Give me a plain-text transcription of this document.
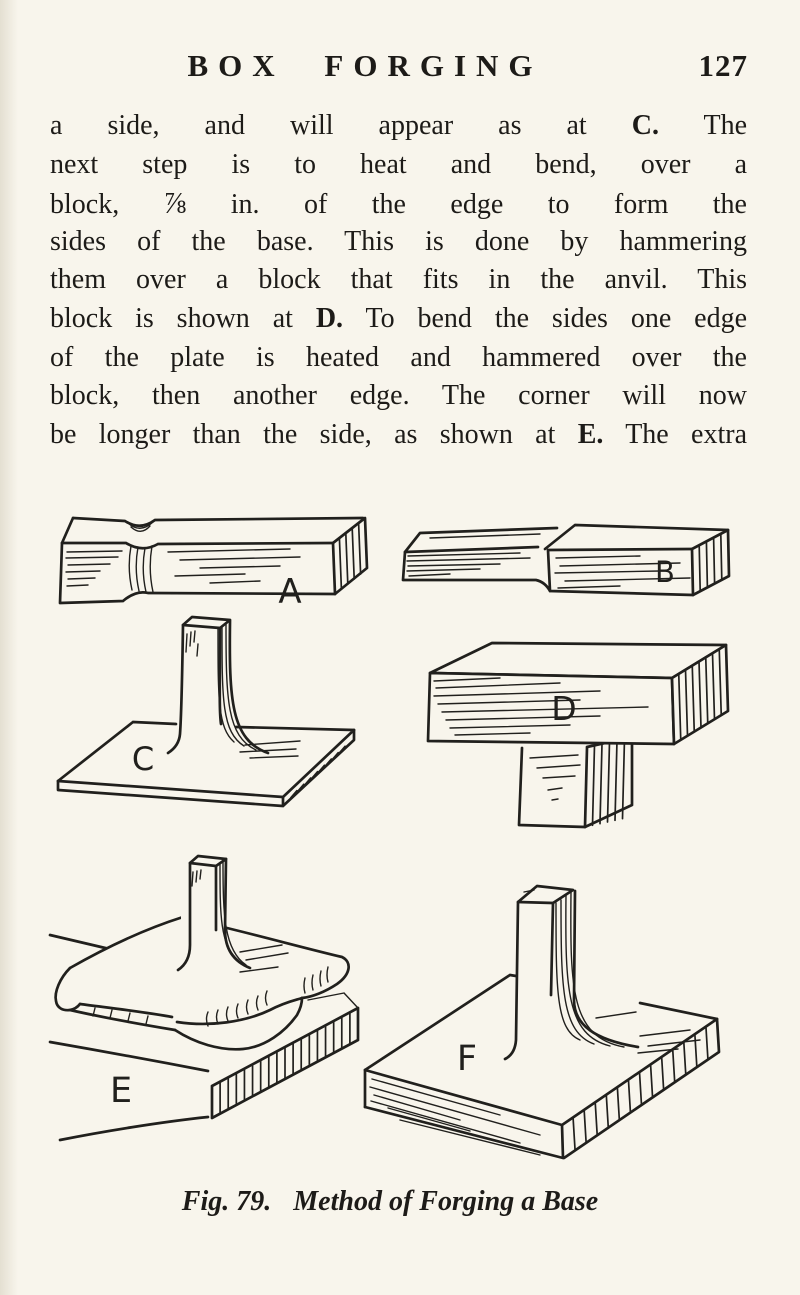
BOX FORGING	127
a side, and will appear as at C. The
next step is to heat and bend, over a
block, ⅞ in. of the edge to form the
sides of the base. This is done by hammering
them over a block that fits in the anvil. This
block is shown at D. To bend the sides one edge
of the plate is heated and hammered over the
block, then another edge. The corner will now
be longer than the side, as shown at E. The extra
A	B
C
D
E
F
Fig. 79. Method of Forging a Base
